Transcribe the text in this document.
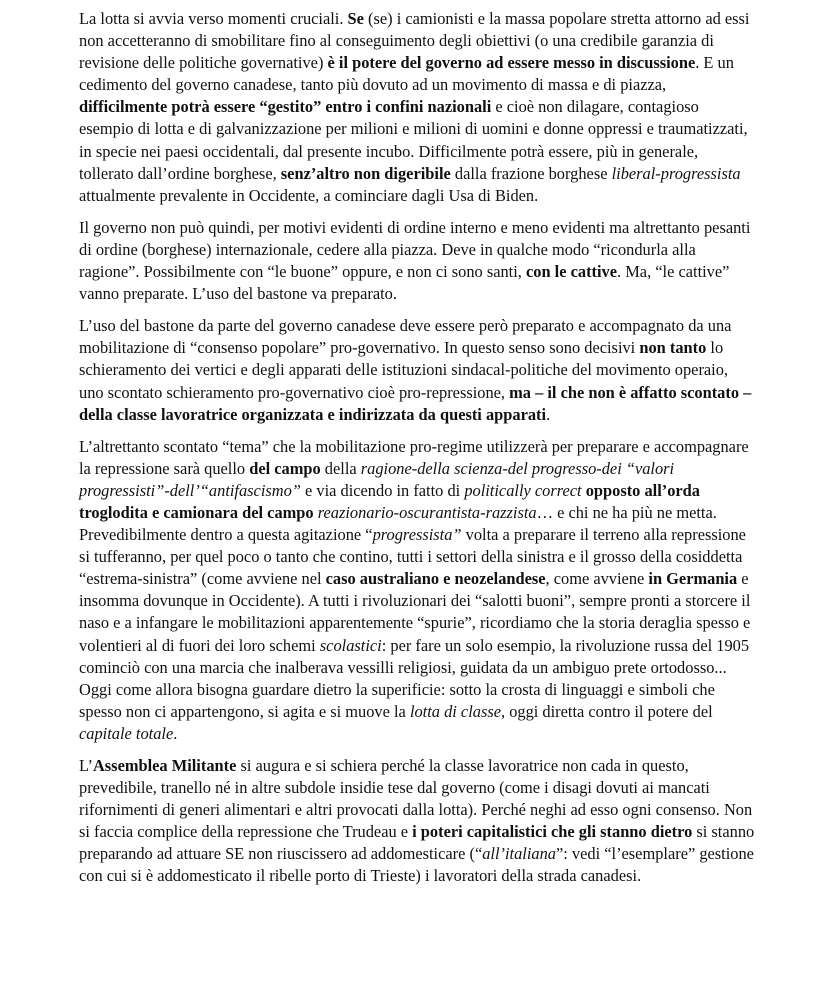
La lotta si avvia verso momenti cruciali. Se (se) i camionisti e la massa popolare stretta attorno ad essi non accetteranno di smobilitare fino al conseguimento degli obiettivi (o una credibile garanzia di revisione delle politiche governative) è il potere del governo ad essere messo in discussione. E un cedimento del governo canadese, tanto più dovuto ad un movimento di massa e di piazza, difficilmente potrà essere “gestito” entro i confini nazionali e cioè non dilagare, contagioso esempio di lotta e di galvanizzazione per milioni e milioni di uomini e donne oppressi e traumatizzati, in specie nei paesi occidentali, dal presente incubo. Difficilmente potrà essere, più in generale, tollerato dall’ordine borghese, senz’altro non digeribile dalla frazione borghese liberal-progressista attualmente prevalente in Occidente, a cominciare dagli Usa di Biden.

Il governo non può quindi, per motivi evidenti di ordine interno e meno evidenti ma altrettanto pesanti di ordine (borghese) internazionale, cedere alla piazza. Deve in qualche modo “ricondurla alla ragione”. Possibilmente con “le buone” oppure, e non ci sono santi, con le cattive. Ma, “le cattive” vanno preparate. L’uso del bastone va preparato.

L’uso del bastone da parte del governo canadese deve essere però preparato e accompagnato da una mobilitazione di “consenso popolare” pro-governativo. In questo senso sono decisivi non tanto lo schieramento dei vertici e degli apparati delle istituzioni sindacal-politiche del movimento operaio, uno scontato schieramento pro-governativo cioè pro-repressione, ma – il che non è affatto scontato – della classe lavoratrice organizzata e indirizzata da questi apparati.

L’altrettanto scontato “tema” che la mobilitazione pro-regime utilizzerà per preparare e accompagnare la repressione sarà quello del campo della ragione-della scienza-del progresso-dei “valori progressisti”-dell’“antifascismo” e via dicendo in fatto di politically correct opposto all’orda troglodita e camionara del campo reazionario-oscurantista-razzista… e chi ne ha più ne metta. Prevedibilmente dentro a questa agitazione “progressista” volta a preparare il terreno alla repressione si tufferanno, per quel poco o tanto che contino, tutti i settori della sinistra e il grosso della cosiddetta “estrema-sinistra” (come avviene nel caso australiano e neozelandese, come avviene in Germania e insomma dovunque in Occidente). A tutti i rivoluzionari dei “salotti buoni”, sempre pronti a storcere il naso e a infangare le mobilitazioni apparentemente “spurie”, ricordiamo che la storia deraglia spesso e volentieri al di fuori dei loro schemi scolastici: per fare un solo esempio, la rivoluzione russa del 1905 cominciò con una marcia che inalberava vessilli religiosi, guidata da un ambiguo prete ortodosso... Oggi come allora bisogna guardare dietro la superificie: sotto la crosta di linguaggi e simboli che spesso non ci appartengono, si agita e si muove la lotta di classe, oggi diretta contro il potere del capitale totale.

L’Assemblea Militante si augura e si schiera perché la classe lavoratrice non cada in questo, prevedibile, tranello né in altre subdole insidie tese dal governo (come i disagi dovuti ai mancati rifornimenti di generi alimentari e altri provocati dalla lotta). Perché neghi ad esso ogni consenso. Non si faccia complice della repressione che Trudeau e i poteri capitalistici che gli stanno dietro si stanno preparando ad attuare SE non riuscissero ad addomesticare (“all’italiana”: vedi “l’esemplare” gestione con cui si è addomesticato il ribelle porto di Trieste) i lavoratori della strada canadesi.
